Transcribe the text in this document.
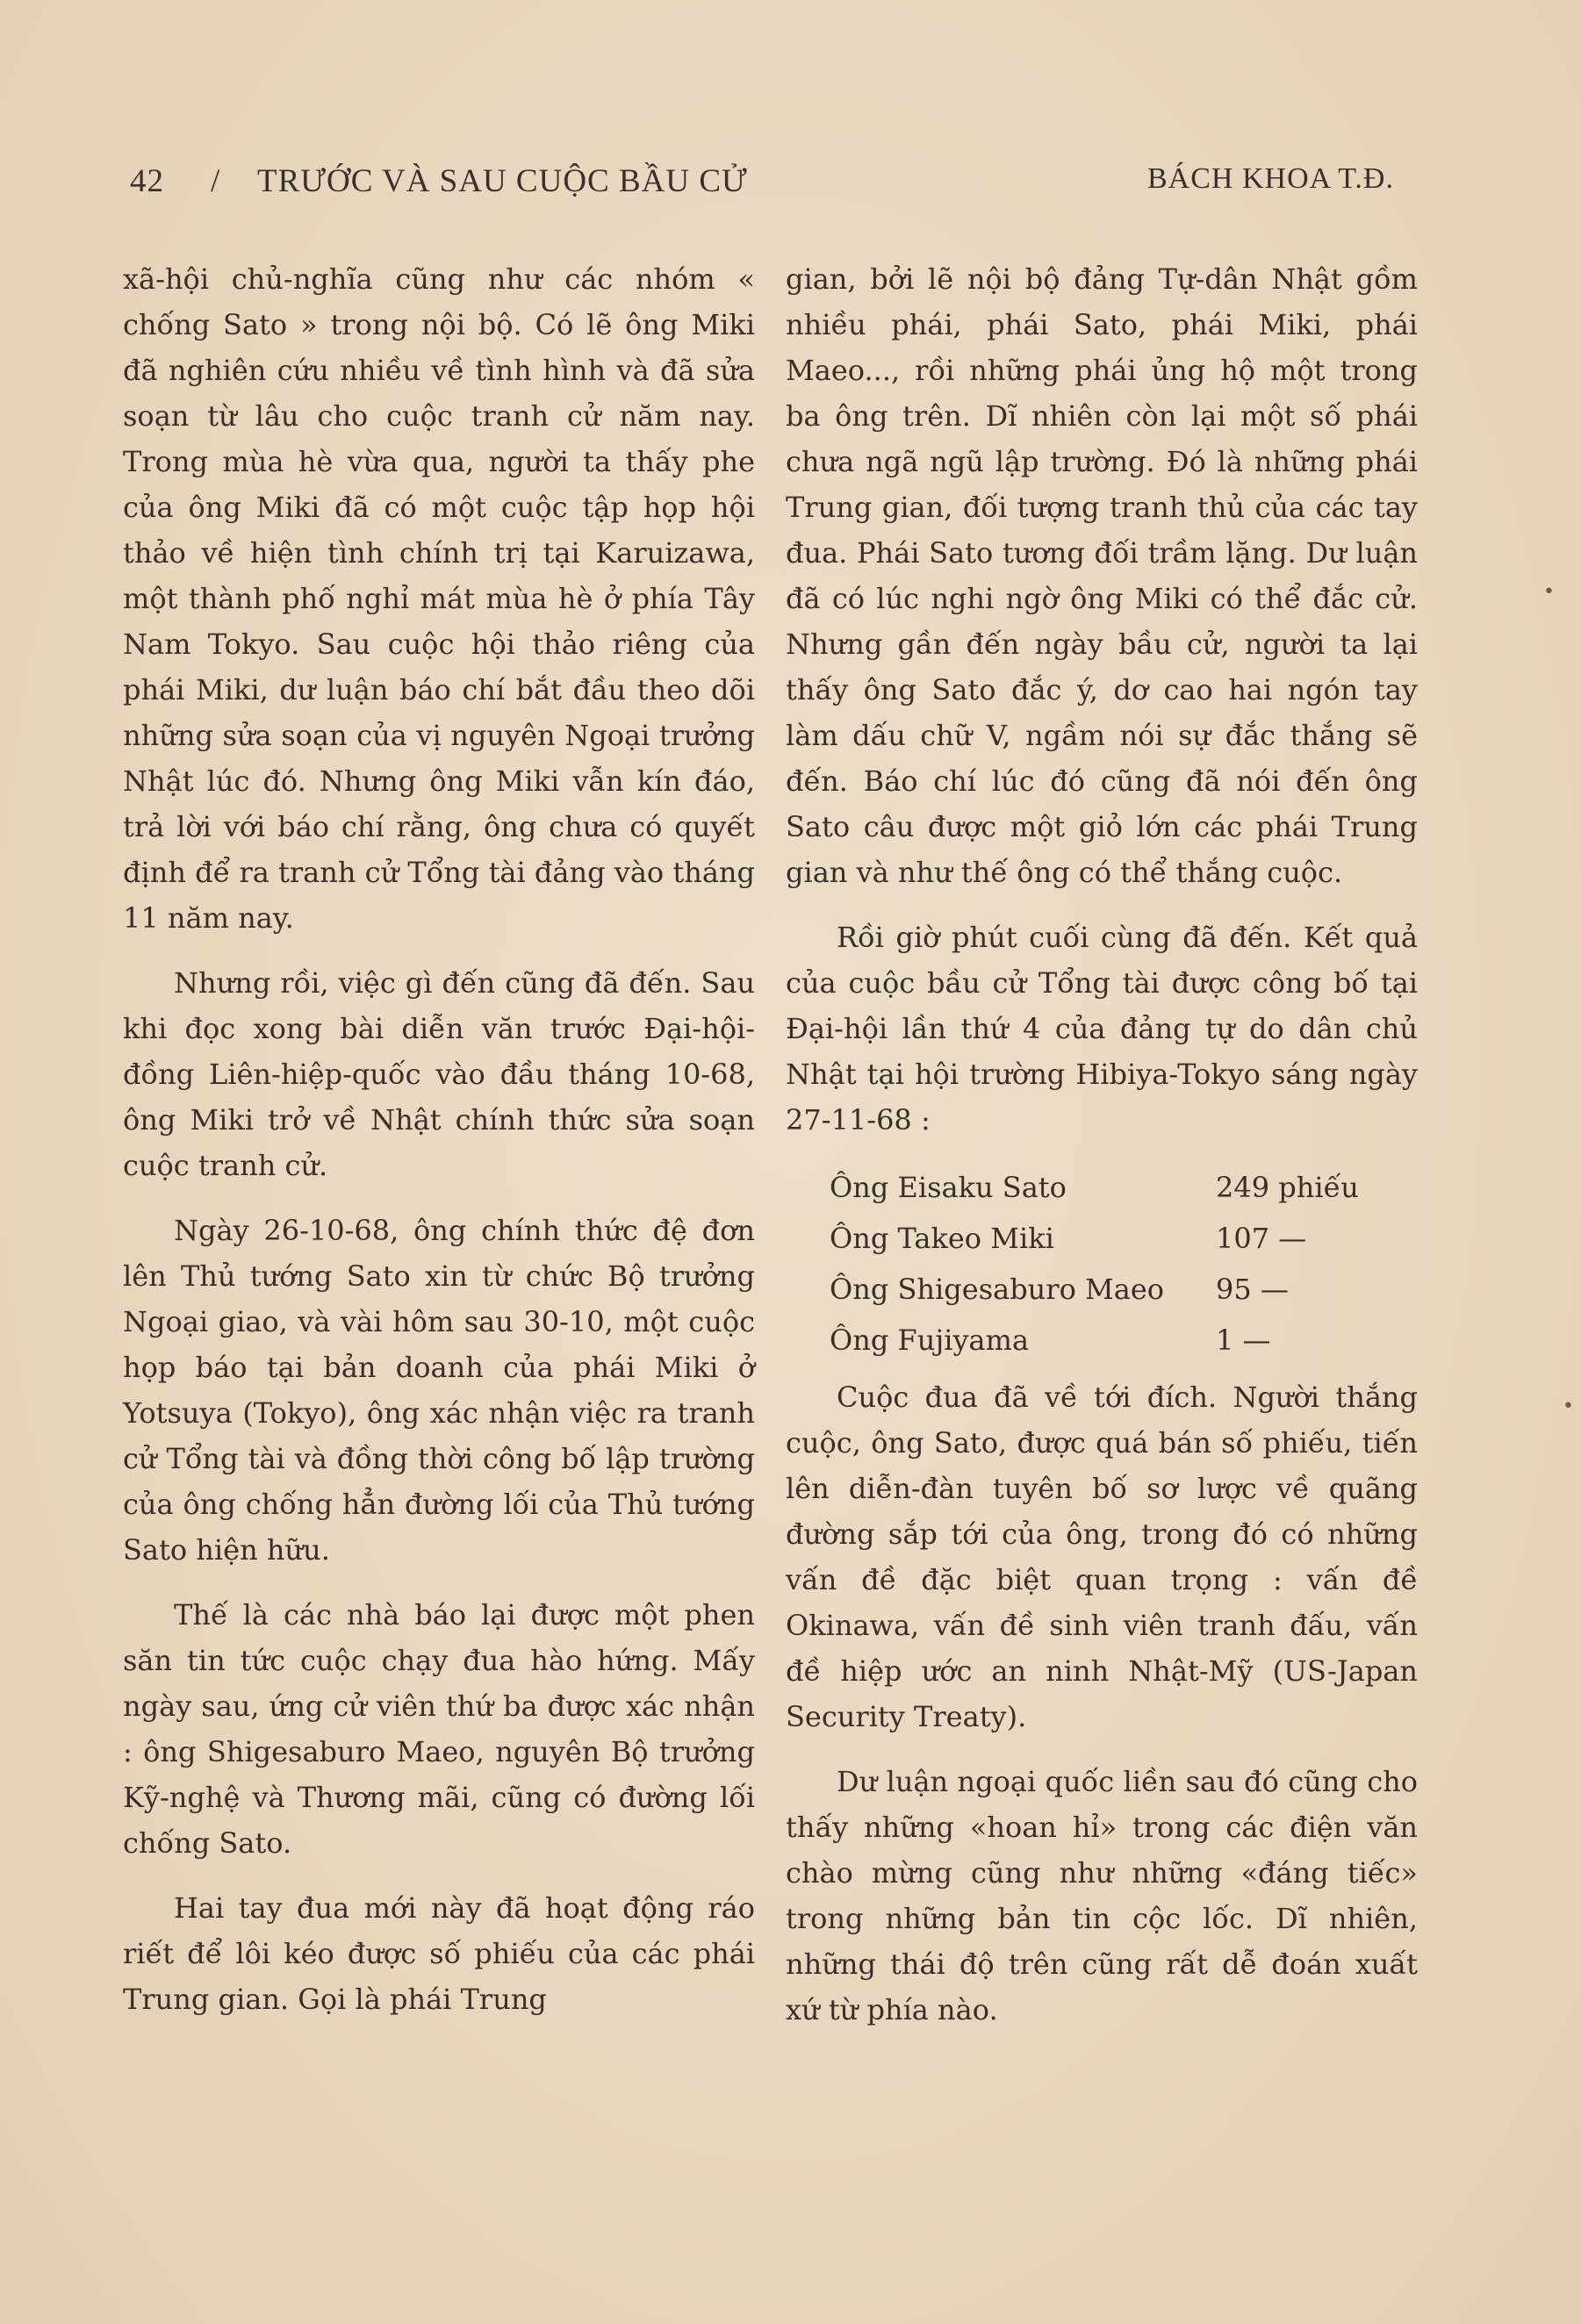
42 / TRƯỚC VÀ SAU CUỘC BẦU CỬ	BÁCH KHOA T.Đ.

xã-hội chủ-nghĩa cũng như các nhóm « chống Sato » trong nội bộ. Có lẽ ông Miki đã nghiên cứu nhiều về tình hình và đã sửa soạn từ lâu cho cuộc tranh cử năm nay. Trong mùa hè vừa qua, người ta thấy phe của ông Miki đã có một cuộc tập họp hội thảo về hiện tình chính trị tại Karuizawa, một thành phố nghỉ mát mùa hè ở phía Tây Nam Tokyo. Sau cuộc hội thảo riêng của phái Miki, dư luận báo chí bắt đầu theo dõi những sửa soạn của vị nguyên Ngoại trưởng Nhật lúc đó. Nhưng ông Miki vẫn kín đáo, trả lời với báo chí rằng, ông chưa có quyết định để ra tranh cử Tổng tài đảng vào tháng 11 năm nay.

Nhưng rồi, việc gì đến cũng đã đến. Sau khi đọc xong bài diễn văn trước Đại-hội-đồng Liên-hiệp-quốc vào đầu tháng 10-68, ông Miki trở về Nhật chính thức sửa soạn cuộc tranh cử.

Ngày 26-10-68, ông chính thức đệ đơn lên Thủ tướng Sato xin từ chức Bộ trưởng Ngoại giao, và vài hôm sau 30-10, một cuộc họp báo tại bản doanh của phái Miki ở Yotsuya (Tokyo), ông xác nhận việc ra tranh cử Tổng tài và đồng thời công bố lập trường của ông chống hẳn đường lối của Thủ tướng Sato hiện hữu.

Thế là các nhà báo lại được một phen săn tin tức cuộc chạy đua hào hứng. Mấy ngày sau, ứng cử viên thứ ba được xác nhận : ông Shigesaburo Maeo, nguyên Bộ trưởng Kỹ-nghệ và Thương mãi, cũng có đường lối chống Sato.

Hai tay đua mới này đã hoạt động ráo riết để lôi kéo được số phiếu của các phái Trung gian. Gọi là phái Trung

gian, bởi lẽ nội bộ đảng Tự-dân Nhật gồm nhiều phái, phái Sato, phái Miki, phái Maeo..., rồi những phái ủng hộ một trong ba ông trên. Dĩ nhiên còn lại một số phái chưa ngã ngũ lập trường. Đó là những phái Trung gian, đối tượng tranh thủ của các tay đua. Phái Sato tương đối trầm lặng. Dư luận đã có lúc nghi ngờ ông Miki có thể đắc cử. Nhưng gần đến ngày bầu cử, người ta lại thấy ông Sato đắc ý, dơ cao hai ngón tay làm dấu chữ V, ngầm nói sự đắc thắng sẽ đến. Báo chí lúc đó cũng đã nói đến ông Sato câu được một giỏ lớn các phái Trung gian và như thế ông có thể thắng cuộc.

Rồi giờ phút cuối cùng đã đến. Kết quả của cuộc bầu cử Tổng tài được công bố tại Đại-hội lần thứ 4 của đảng tự do dân chủ Nhật tại hội trường Hibiya-Tokyo sáng ngày 27-11-68 :

Ông Eisaku Sato	249 phiếu
Ông Takeo Miki	107 —
Ông Shigesaburo Maeo	95 —
Ông Fujiyama	1 —

Cuộc đua đã về tới đích. Người thắng cuộc, ông Sato, được quá bán số phiếu, tiến lên diễn-đàn tuyên bố sơ lược về quãng đường sắp tới của ông, trong đó có những vấn đề đặc biệt quan trọng : vấn đề Okinawa, vấn đề sinh viên tranh đấu, vấn đề hiệp ước an ninh Nhật-Mỹ (US-Japan Security Treaty).

Dư luận ngoại quốc liền sau đó cũng cho thấy những «hoan hỉ» trong các điện văn chào mừng cũng như những «đáng tiếc» trong những bản tin cộc lốc. Dĩ nhiên, những thái độ trên cũng rất dễ đoán xuất xứ từ phía nào.

•
•
